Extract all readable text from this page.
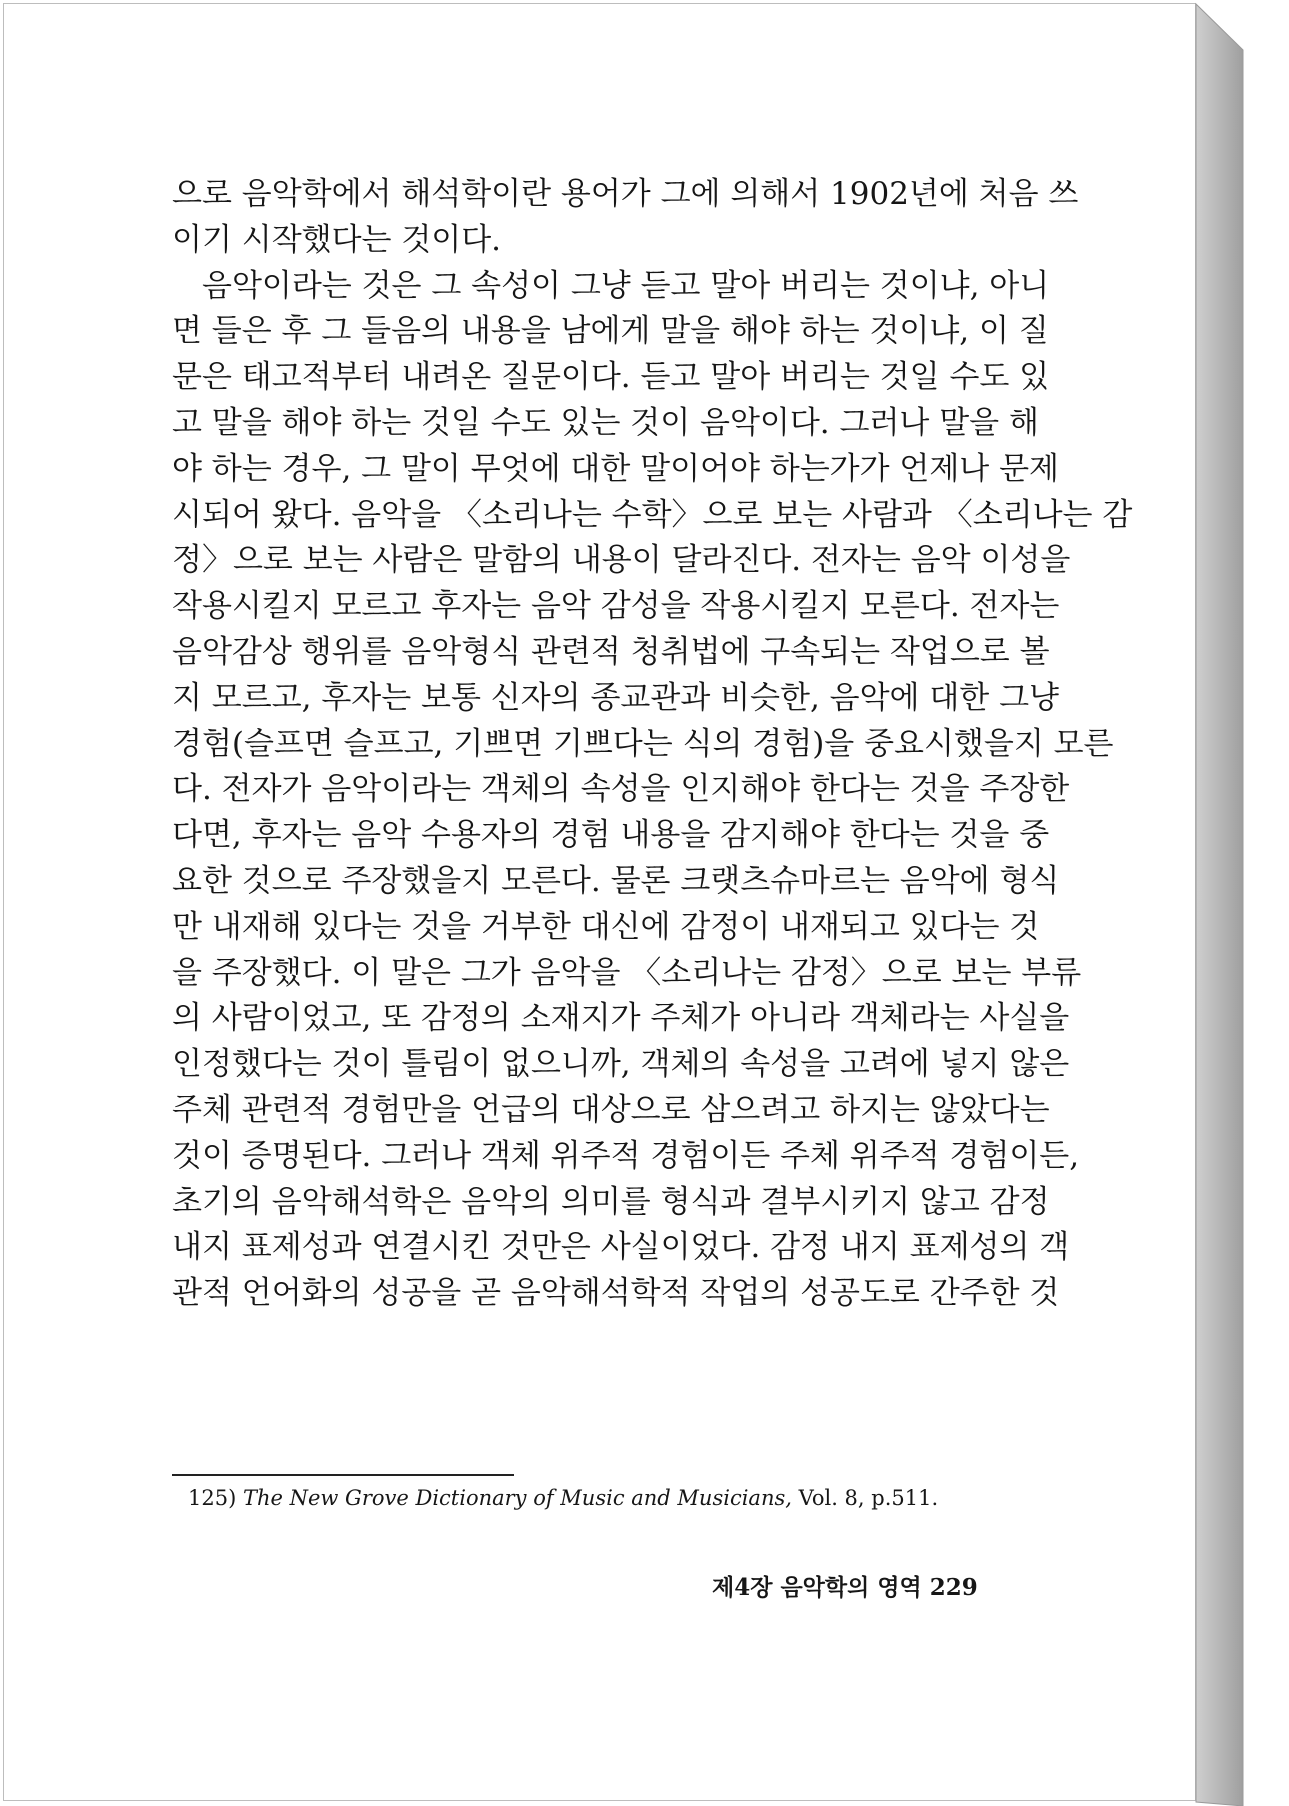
으로 음악학에서 해석학이란 용어가 그에 의해서 1902년에 처음 쓰
이기 시작했다는 것이다.
음악이라는 것은 그 속성이 그냥 듣고 말아 버리는 것이냐, 아니
면 들은 후 그 들음의 내용을 남에게 말을 해야 하는 것이냐, 이 질
문은 태고적부터 내려온 질문이다. 듣고 말아 버리는 것일 수도 있
고 말을 해야 하는 것일 수도 있는 것이 음악이다. 그러나 말을 해
야 하는 경우, 그 말이 무엇에 대한 말이어야 하는가가 언제나 문제
시되어 왔다. 음악을 〈소리나는 수학〉으로 보는 사람과 〈소리나는 감
정〉으로 보는 사람은 말함의 내용이 달라진다. 전자는 음악 이성을
작용시킬지 모르고 후자는 음악 감성을 작용시킬지 모른다. 전자는
음악감상 행위를 음악형식 관련적 청취법에 구속되는 작업으로 볼
지 모르고, 후자는 보통 신자의 종교관과 비슷한, 음악에 대한 그냥
경험(슬프면 슬프고, 기쁘면 기쁘다는 식의 경험)을 중요시했을지 모른
다. 전자가 음악이라는 객체의 속성을 인지해야 한다는 것을 주장한
다면, 후자는 음악 수용자의 경험 내용을 감지해야 한다는 것을 중
요한 것으로 주장했을지 모른다. 물론 크랫츠슈마르는 음악에 형식
만 내재해 있다는 것을 거부한 대신에 감정이 내재되고 있다는 것
을 주장했다. 이 말은 그가 음악을 〈소리나는 감정〉으로 보는 부류
의 사람이었고, 또 감정의 소재지가 주체가 아니라 객체라는 사실을
인정했다는 것이 틀림이 없으니까, 객체의 속성을 고려에 넣지 않은
주체 관련적 경험만을 언급의 대상으로 삼으려고 하지는 않았다는
것이 증명된다. 그러나 객체 위주적 경험이든 주체 위주적 경험이든,
초기의 음악해석학은 음악의 의미를 형식과 결부시키지 않고 감정
내지 표제성과 연결시킨 것만은 사실이었다. 감정 내지 표제성의 객
관적 언어화의 성공을 곧 음악해석학적 작업의 성공도로 간주한 것
125) The New Grove Dictionary of Music and Musicians, Vol. 8, p.511.
제4장 음악학의 영역 229
